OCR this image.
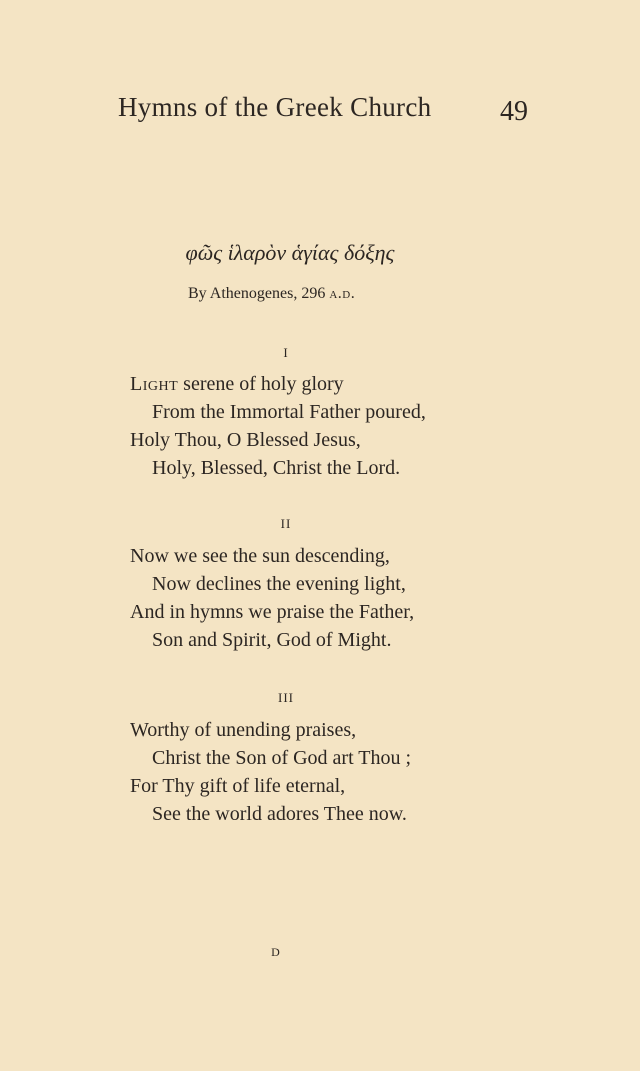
Hymns of the Greek Church 49
φῶς ἱλαρὸν ἁγίας δόξης
By Athenogenes, 296 a.d.
I
Light serene of holy glory
From the Immortal Father poured,
Holy Thou, O Blessed Jesus,
Holy, Blessed, Christ the Lord.
II
Now we see the sun descending,
Now declines the evening light,
And in hymns we praise the Father,
Son and Spirit, God of Might.
III
Worthy of unending praises,
Christ the Son of God art Thou ;
For Thy gift of life eternal,
See the world adores Thee now.
D
